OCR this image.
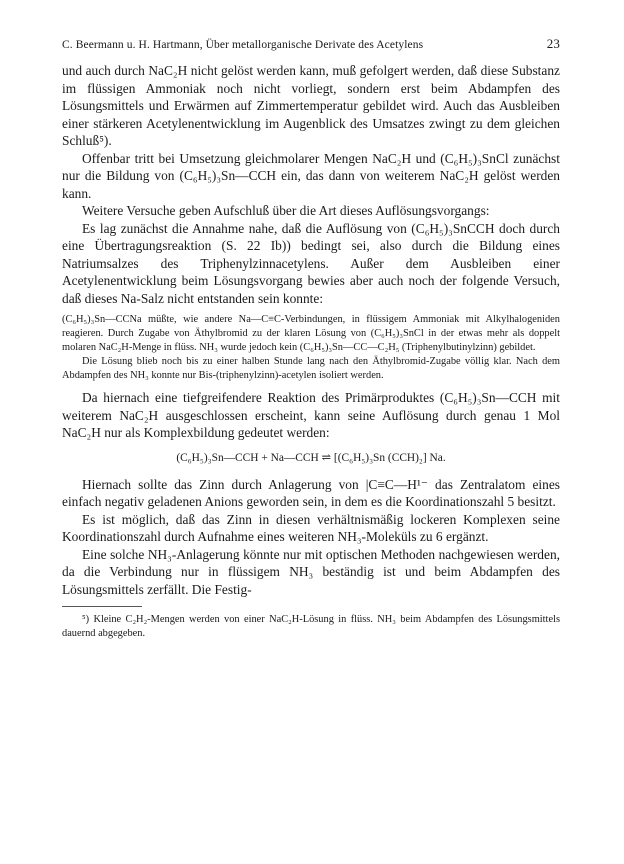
C. Beermann u. H. Hartmann, Über metallorganische Derivate des Acetylens	23

und auch durch NaC₂H nicht gelöst werden kann, muß gefolgert werden, daß diese Substanz im flüssigen Ammoniak noch nicht vorliegt, sondern erst beim Abdampfen des Lösungsmittels und Erwärmen auf Zimmertemperatur gebildet wird. Auch das Ausbleiben einer stärkeren Acetylenentwicklung im Augenblick des Umsatzes zwingt zu dem gleichen Schluß⁵).

Offenbar tritt bei Umsetzung gleichmolarer Mengen NaC₂H und (C₆H₅)₃SnCl zunächst nur die Bildung von (C₆H₅)₃Sn—CCH ein, das dann von weiterem NaC₂H gelöst werden kann.

Weitere Versuche geben Aufschluß über die Art dieses Auflösungsvorgangs:

Es lag zunächst die Annahme nahe, daß die Auflösung von (C₆H₅)₃SnCCH doch durch eine Übertragungsreaktion (S. 22 Ib)) bedingt sei, also durch die Bildung eines Natriumsalzes des Triphenylzinnacetylens. Außer dem Ausbleiben einer Acetylenentwicklung beim Lösungsvorgang bewies aber auch noch der folgende Versuch, daß dieses Na-Salz nicht entstanden sein konnte:

(C₆H₅)₃Sn—CCNa müßte, wie andere Na—C≡C-Verbindungen, in flüssigem Ammoniak mit Alkylhalogeniden reagieren. Durch Zugabe von Äthylbromid zu der klaren Lösung von (C₆H₅)₃SnCl in der etwas mehr als doppelt molaren NaC₂H-Menge in flüss. NH₃ wurde jedoch kein (C₆H₅)₃Sn—CC—C₂H₅ (Triphenylbutinylzinn) gebildet.

Die Lösung blieb noch bis zu einer halben Stunde lang nach den Äthylbromid-Zugabe völlig klar. Nach dem Abdampfen des NH₃ konnte nur Bis-(triphenylzinn)-acetylen isoliert werden.

Da hiernach eine tiefgreifendere Reaktion des Primärproduktes (C₆H₅)₃Sn—CCH mit weiterem NaC₂H ausgeschlossen erscheint, kann seine Auflösung durch genau 1 Mol NaC₂H nur als Komplexbildung gedeutet werden:

(C₆H₅)₃Sn—CCH + Na—CCH ⇌ [(C₆H₅)₃Sn (CCH)₂] Na.

Hiernach sollte das Zinn durch Anlagerung von |C≡C—H¹⁻ das Zentralatom eines einfach negativ geladenen Anions geworden sein, in dem es die Koordinationszahl 5 besitzt.

Es ist möglich, daß das Zinn in diesen verhältnismäßig lockeren Komplexen seine Koordinationszahl durch Aufnahme eines weiteren NH₃-Moleküls zu 6 ergänzt.

Eine solche NH₃-Anlagerung könnte nur mit optischen Methoden nachgewiesen werden, da die Verbindung nur in flüssigem NH₃ beständig ist und beim Abdampfen des Lösungsmittels zerfällt. Die Festig-

⁵) Kleine C₂H₂-Mengen werden von einer NaC₂H-Lösung in flüss. NH₃ beim Abdampfen des Lösungsmittels dauernd abgegeben.
